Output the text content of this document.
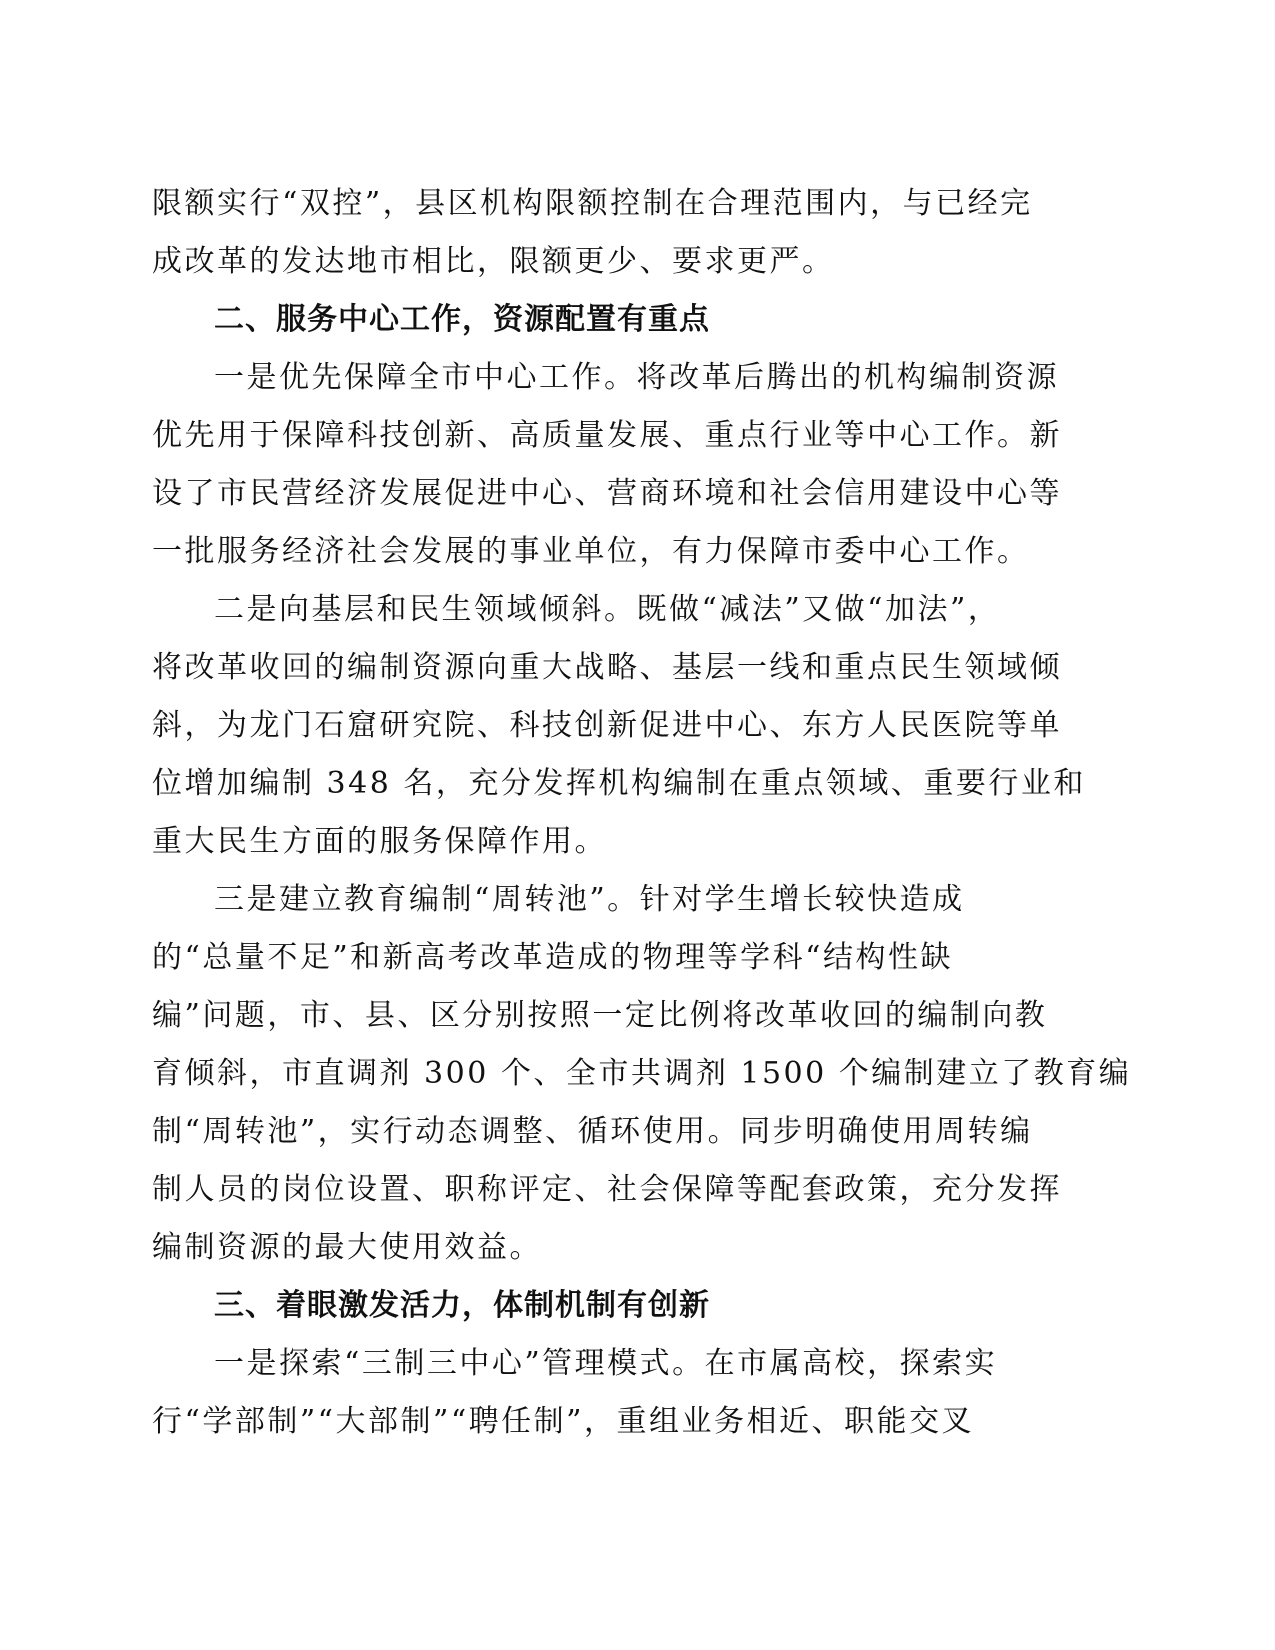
限额实行“双控”，县区机构限额控制在合理范围内，与已经完
成改革的发达地市相比，限额更少、要求更严。
二、服务中心工作，资源配置有重点
一是优先保障全市中心工作。将改革后腾出的机构编制资源
优先用于保障科技创新、高质量发展、重点行业等中心工作。新
设了市民营经济发展促进中心、营商环境和社会信用建设中心等
一批服务经济社会发展的事业单位，有力保障市委中心工作。
二是向基层和民生领域倾斜。既做“减法”又做“加法”，
将改革收回的编制资源向重大战略、基层一线和重点民生领域倾
斜，为龙门石窟研究院、科技创新促进中心、东方人民医院等单
位增加编制 348 名，充分发挥机构编制在重点领域、重要行业和
重大民生方面的服务保障作用。
三是建立教育编制“周转池”。针对学生增长较快造成
的“总量不足”和新高考改革造成的物理等学科“结构性缺
编”问题，市、县、区分别按照一定比例将改革收回的编制向教
育倾斜，市直调剂 300 个、全市共调剂 1500 个编制建立了教育编
制“周转池”，实行动态调整、循环使用。同步明确使用周转编
制人员的岗位设置、职称评定、社会保障等配套政策，充分发挥
编制资源的最大使用效益。
三、着眼激发活力，体制机制有创新
一是探索“三制三中心”管理模式。在市属高校，探索实
行“学部制”“大部制”“聘任制”，重组业务相近、职能交叉
